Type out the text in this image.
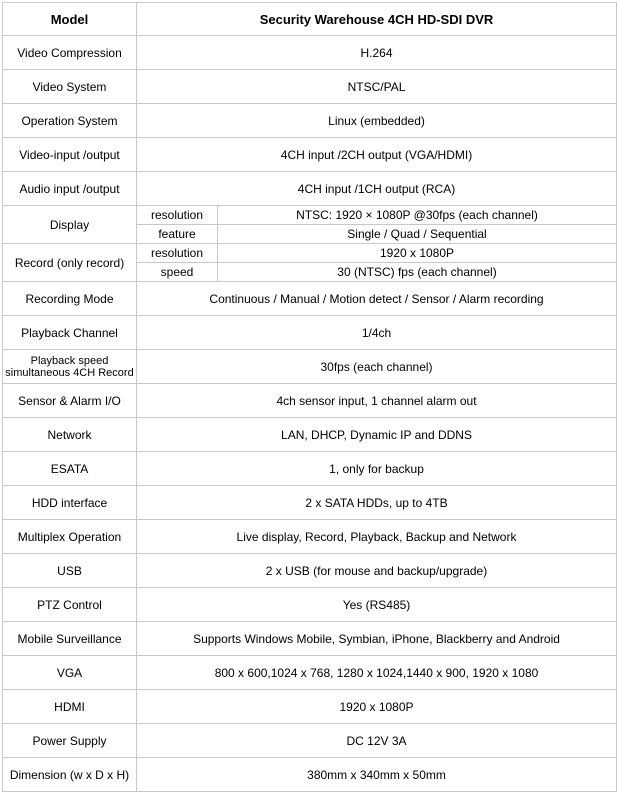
Model	Security Warehouse 4CH HD-SDI DVR	
Video Compression	H.264	
Video System	NTSC/PAL	
Operation System	Linux (embedded)	
Video-input /output	4CH input /2CH output (VGA/HDMI)	
Audio input /output	4CH input /1CH output (RCA)	
Display	resolution	NTSC: 1920 × 1080P @30fps (each channel)
	feature	Single / Quad / Sequential
Record (only record)	resolution	1920 x 1080P
	speed	30 (NTSC) fps (each channel)
Recording Mode	Continuous / Manual / Motion detect / Sensor / Alarm recording	
Playback Channel	1/4ch	

Playback speed
simultaneous 4CH Record	30fps (each channel)	
Sensor & Alarm I/O	4ch sensor input, 1 channel alarm out	
Network	LAN, DHCP, Dynamic IP and DDNS	
ESATA	1, only for backup	
HDD interface	2 x SATA HDDs, up to 4TB	
Multiplex Operation	Live display, Record, Playback, Backup and Network	
USB	2 x USB (for mouse and backup/upgrade)	
PTZ Control	Yes (RS485)	
Mobile Surveillance	Supports Windows Mobile, Symbian, iPhone, Blackberry and Android	
VGA	800 x 600,1024 x 768, 1280 x 1024,1440 x 900, 1920 x 1080	
HDMI	1920 x 1080P	
Power Supply	DC 12V 3A	
Dimension (w x D x H)	380mm x 340mm x 50mm	
